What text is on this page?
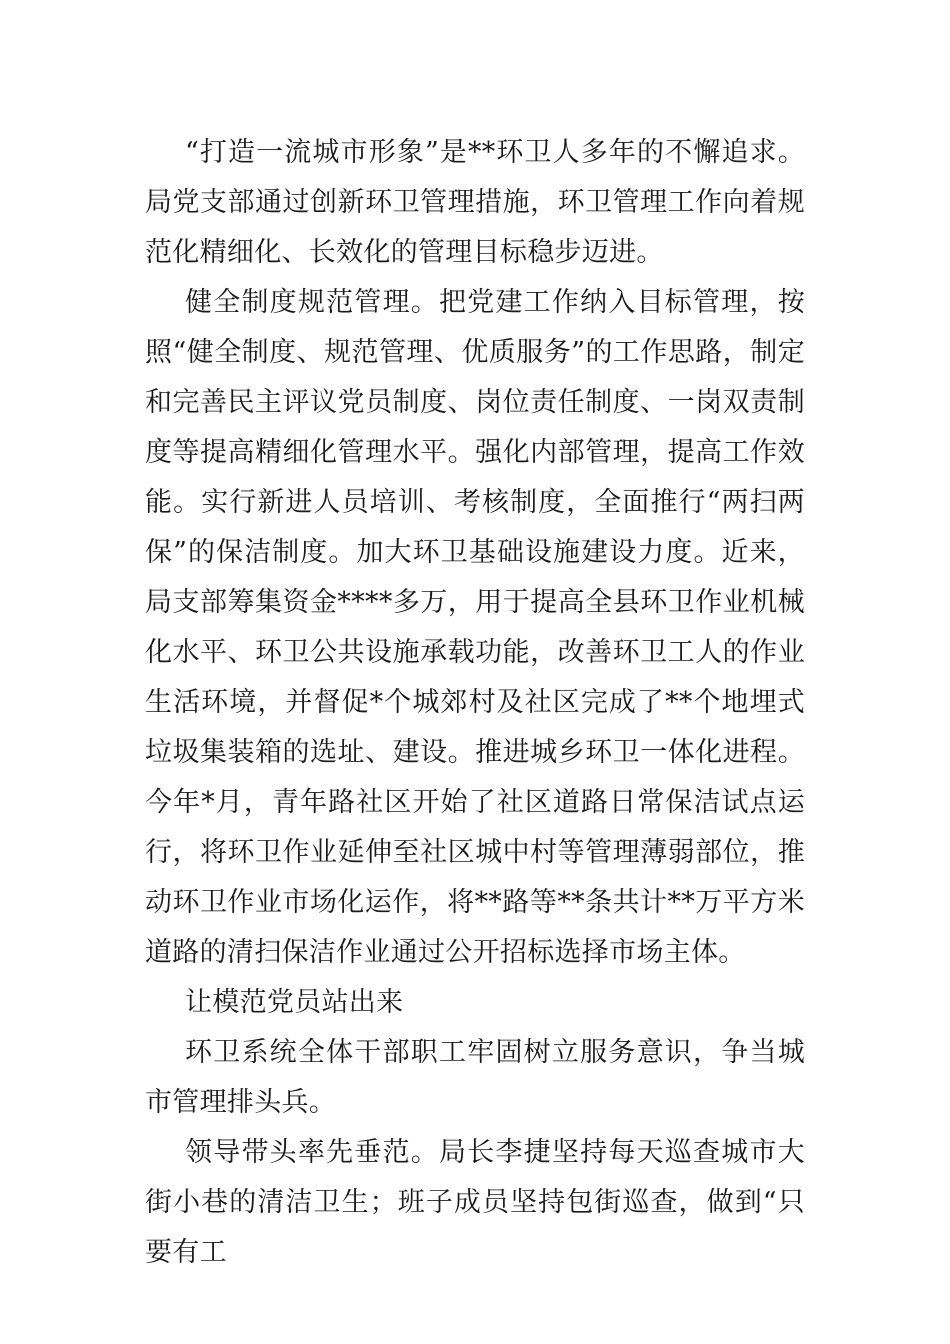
“打造一流城市形象”是**环卫人多年的不懈追求。局党支部通过创新环卫管理措施，环卫管理工作向着规范化精细化、长效化的管理目标稳步迈进。

健全制度规范管理。把党建工作纳入目标管理，按照“健全制度、规范管理、优质服务”的工作思路，制定和完善民主评议党员制度、岗位责任制度、一岗双责制度等提高精细化管理水平。强化内部管理，提高工作效能。实行新进人员培训、考核制度，全面推行“两扫两保”的保洁制度。加大环卫基础设施建设力度。近来，局支部筹集资金****多万，用于提高全县环卫作业机械化水平、环卫公共设施承载功能，改善环卫工人的作业生活环境，并督促*个城郊村及社区完成了**个地埋式垃圾集装箱的选址、建设。推进城乡环卫一体化进程。今年*月，青年路社区开始了社区道路日常保洁试点运行，将环卫作业延伸至社区城中村等管理薄弱部位，推动环卫作业市场化运作，将**路等**条共计**万平方米道路的清扫保洁作业通过公开招标选择市场主体。

让模范党员站出来

环卫系统全体干部职工牢固树立服务意识，争当城市管理排头兵。

领导带头率先垂范。局长李捷坚持每天巡查城市大街小巷的清洁卫生；班子成员坚持包街巡查，做到“只要有工
